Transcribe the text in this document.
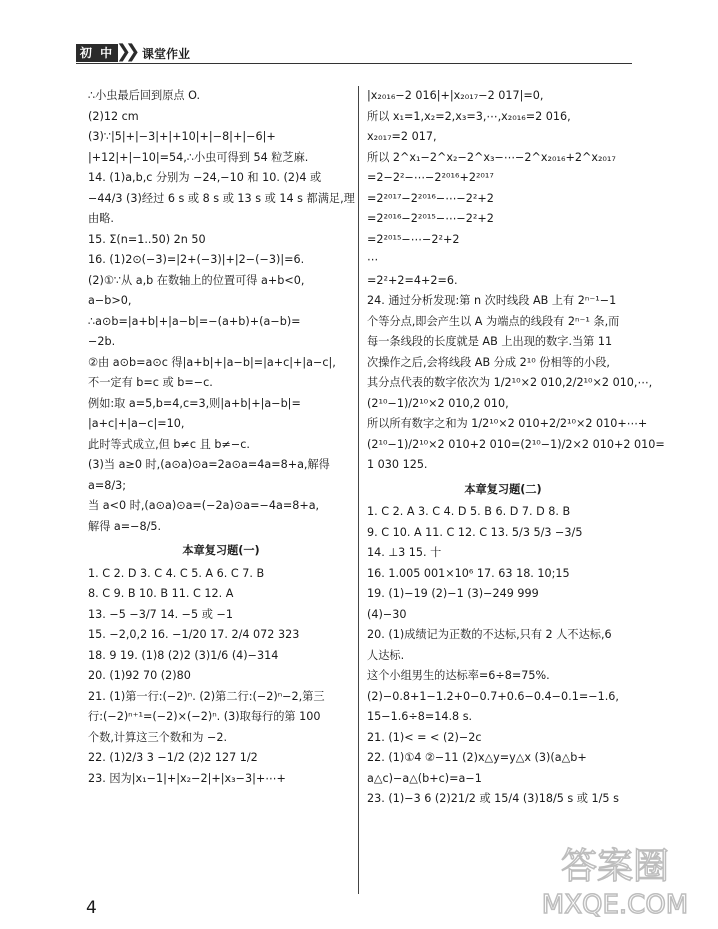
初 中 ❯❯ 课堂作业

∴小虫最后回到原点 O.

(2)12 cm

(3)∵|5|+|−3|+|+10|+|−8|+|−6|+

|+12|+|−10|=54,∴小虫可得到 54 粒芝麻.

14. (1)a,b,c 分别为 −24,−10 和 10. (2)4 或

−44/3 (3)经过 6 s 或 8 s 或 13 s 或 14 s 都满足,理

由略.

15. Σ(n=1..50) 2n 50

16. (1)2⊙(−3)=|2+(−3)|+|2−(−3)|=6.

(2)①∵从 a,b 在数轴上的位置可得 a+b<0,

a−b>0,

∴a⊙b=|a+b|+|a−b|=−(a+b)+(a−b)=

−2b.

②由 a⊙b=a⊙c 得|a+b|+|a−b|=|a+c|+|a−c|,

不一定有 b=c 或 b=−c.

例如:取 a=5,b=4,c=3,则|a+b|+|a−b|=

|a+c|+|a−c|=10,

此时等式成立,但 b≠c 且 b≠−c.

(3)当 a≥0 时,(a⊙a)⊙a=2a⊙a=4a=8+a,解得

a=8/3;

当 a<0 时,(a⊙a)⊙a=(−2a)⊙a=−4a=8+a,

解得 a=−8/5.

本章复习题(一)

1. C 2. D 3. C 4. C 5. A 6. C 7. B

8. C 9. B 10. B 11. C 12. A

13. −5 −3/7 14. −5 或 −1

15. −2,0,2 16. −1/20 17. 2/4 072 323

18. 9 19. (1)8 (2)2 (3)1/6 (4)−314

20. (1)92 70 (2)80

21. (1)第一行:(−2)ⁿ. (2)第二行:(−2)ⁿ−2,第三

行:(−2)ⁿ⁺¹=(−2)×(−2)ⁿ. (3)取每行的第 100

个数,计算这三个数和为 −2.

22. (1)2/3 3 −1/2 (2)2 127 1/2

23. 因为|x₁−1|+|x₂−2|+|x₃−3|+⋯+

|x₂₀₁₆−2 016|+|x₂₀₁₇−2 017|=0,

所以 x₁=1,x₂=2,x₃=3,⋯,x₂₀₁₆=2 016,

x₂₀₁₇=2 017,

所以 2^x₁−2^x₂−2^x₃−⋯−2^x₂₀₁₆+2^x₂₀₁₇

=2−2²−⋯−2²⁰¹⁶+2²⁰¹⁷

=2²⁰¹⁷−2²⁰¹⁶−⋯−2²+2

=2²⁰¹⁶−2²⁰¹⁵−⋯−2²+2

=2²⁰¹⁵−⋯−2²+2

⋯

=2²+2=4+2=6.

24. 通过分析发现:第 n 次时线段 AB 上有 2ⁿ⁻¹−1

个等分点,即会产生以 A 为端点的线段有 2ⁿ⁻¹ 条,而

每一条线段的长度就是 AB 上出现的数字.当第 11

次操作之后,会将线段 AB 分成 2¹⁰ 份相等的小段,

其分点代表的数字依次为 1/2¹⁰×2 010,2/2¹⁰×2 010,⋯,

(2¹⁰−1)/2¹⁰×2 010,2 010,

所以所有数字之和为 1/2¹⁰×2 010+2/2¹⁰×2 010+⋯+

(2¹⁰−1)/2¹⁰×2 010+2 010=(2¹⁰−1)/2×2 010+2 010=

1 030 125.

本章复习题(二)

1. C 2. A 3. C 4. D 5. B 6. D 7. D 8. B

9. C 10. A 11. C 12. C 13. 5/3 5/3 −3/5

14. ⊥3 15. 十

16. 1.005 001×10⁶ 17. 63 18. 10;15

19. (1)−19 (2)−1 (3)−249 999

(4)−30

20. (1)成绩记为正数的不达标,只有 2 人不达标,6

人达标.

这个小组男生的达标率=6÷8=75%.

(2)−0.8+1−1.2+0−0.7+0.6−0.4−0.1=−1.6,

15−1.6÷8=14.8 s.

21. (1)< = < (2)−2c

22. (1)①4 ②−11 (2)x△y=y△x (3)(a△b+

a△c)−a△(b+c)=a−1

23. (1)−3 6 (2)21/2 或 15/4 (3)18/5 s 或 1/5 s

4
答案圈
MXQE.COM
